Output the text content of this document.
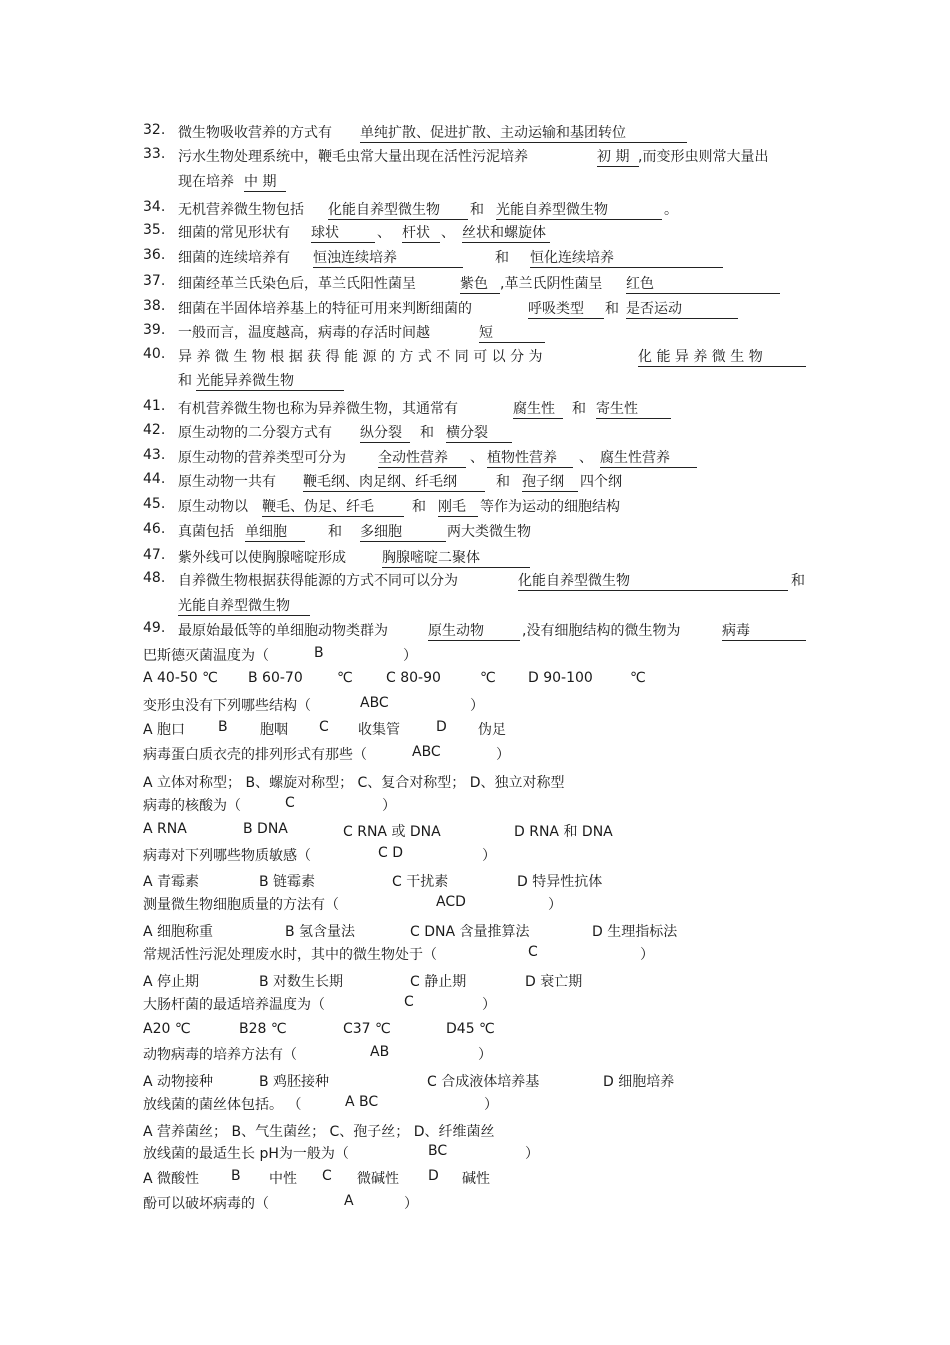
32. 微生物吸收营养的方式有 单纯扩散、促进扩散、主动运输和基团转位
33. 污水生物处理系统中，鞭毛虫常大量出现在活性污泥培养	初 期 ,而变形虫则常大量出
现在培养 中 期
34. 无机营养微生物包括 化能自养型微生物	和 光能自养型微生物	。
35. 细菌的常见形状有 球状	、 杆状 、 丝状和螺旋体
36. 细菌的连续培养有 恒浊连续培养	和 恒化连续培养
37. 细菌经革兰氏染色后，革兰氏阳性菌呈	紫色 ,革兰氏阴性菌呈 红色
38. 细菌在半固体培养基上的特征可用来判断细菌的	呼吸类型	和 是否运动
39. 一般而言，温度越高，病毒的存活时间越	短
40. 异 养 微 生 物 根 据 获 得 能 源 的 方 式 不 同 可 以 分 为	化 能 异 养 微 生 物
和 光能异养微生物
41. 有机营养微生物也称为异养微生物，其通常有	腐生性	和 寄生性
42. 原生动物的二分裂方式有 纵分裂	和 横分裂
43. 原生动物的营养类型可分为 全动性营养	、 植物性营养	、 腐生性营养
44. 原生动物一共有 鞭毛纲、肉足纲、纤毛纲	和 孢子纲	四个纲
45. 原生动物以 鞭毛、伪足、纤毛	和 刚毛	等作为运动的细胞结构
46. 真菌包括 单细胞	和 多细胞	两大类微生物
47. 紫外线可以使胸腺嘧啶形成	胸腺嘧啶二聚体
48. 自养微生物根据获得能源的方式不同可以分为	化能自养型微生物	和
光能自养型微生物
49. 最原始最低等的单细胞动物类群为	原生动物	,没有细胞结构的微生物为	病毒
巴斯德灭菌温度为（	B	）
A 40-50 ℃ B 60-70 ℃ C 80-90	℃ D 90-100	℃
变形虫没有下列哪些结构（	ABC	）
A 胞口 B 胞咽 C 收集管	D 伪足
病毒蛋白质衣壳的排列形式有那些（	ABC	）
A 立体对称型； B、螺旋对称型； C、复合对称型； D、独立对称型
病毒的核酸为（	C	）
A RNA	B DNA	C RNA 或 DNA	D RNA 和 DNA
病毒对下列哪些物质敏感（	C D	）
A 青霉素	B 链霉素	C 干扰素	D 特异性抗体
测量微生物细胞质量的方法有（	ACD	）
A 细胞称重	B 氢含量法	C DNA 含量推算法	D 生理指标法
常规活性污泥处理废水时，其中的微生物处于（	C	）
A 停止期	B 对数生长期	C 静止期	D 衰亡期
大肠杆菌的最适培养温度为（	C	）
A20 ℃	B28 ℃	C37 ℃	D45 ℃
动物病毒的培养方法有（	AB	）
A 动物接种	B 鸡胚接种	C 合成液体培养基	D 细胞培养
放线菌的菌丝体包括。 （	A BC	）
A 营养菌丝； B、气生菌丝； C、孢子丝； D、纤维菌丝
放线菌的最适生长 pH为一般为（	BC	）
A 微酸性 B 中性 C 微碱性 D 碱性
酚可以破坏病毒的（	A	）
